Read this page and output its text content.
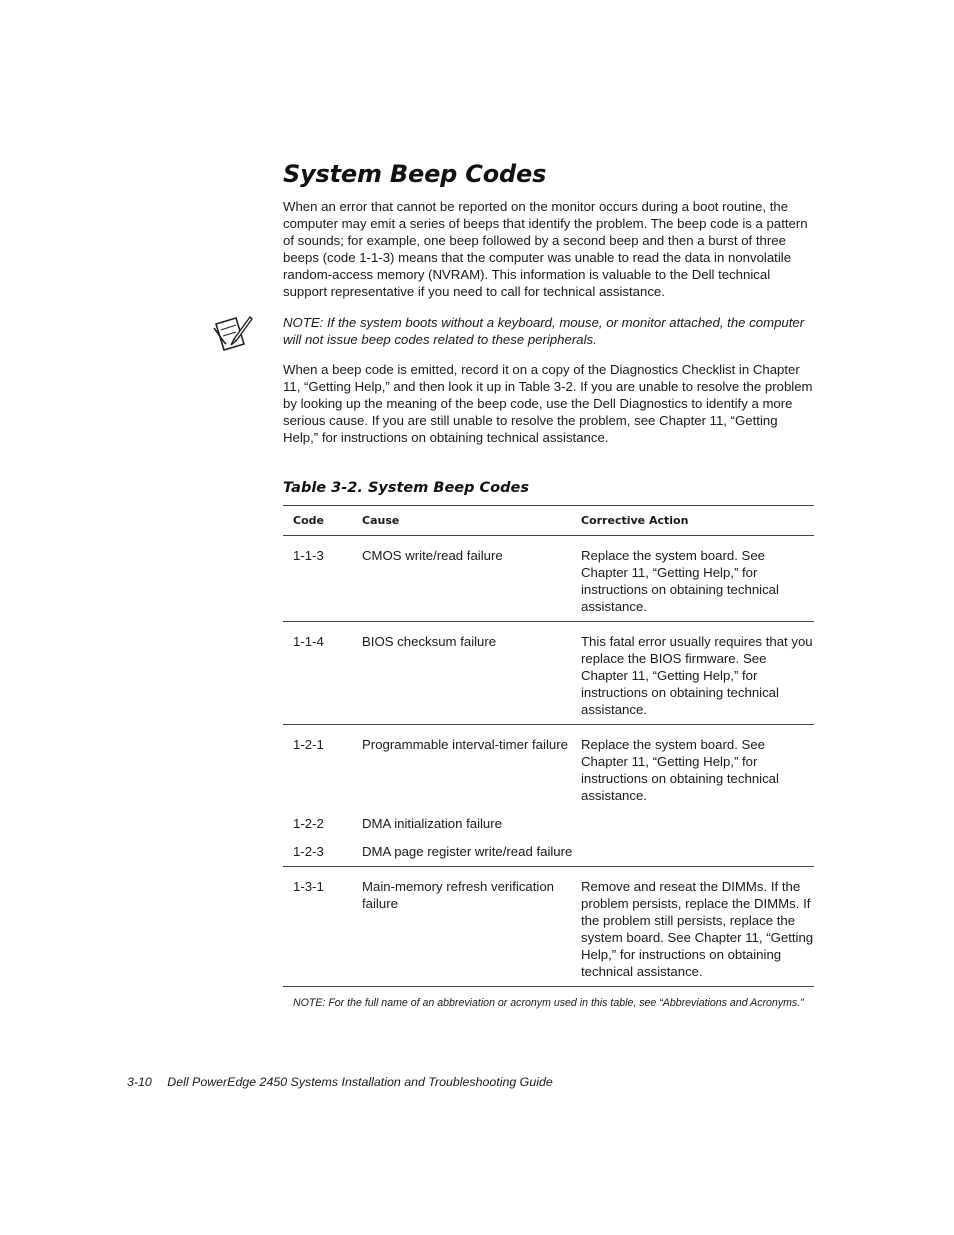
System Beep Codes
When an error that cannot be reported on the monitor occurs during a boot routine, the computer may emit a series of beeps that identify the problem. The beep code is a pattern of sounds; for example, one beep followed by a second beep and then a burst of three beeps (code 1-1-3) means that the computer was unable to read the data in nonvolatile random-access memory (NVRAM). This information is valuable to the Dell technical support representative if you need to call for technical assistance.
NOTE: If the system boots without a keyboard, mouse, or monitor attached, the computer will not issue beep codes related to these peripherals.
When a beep code is emitted, record it on a copy of the Diagnostics Checklist in Chapter 11, “Getting Help,” and then look it up in Table 3-2. If you are unable to resolve the problem by looking up the meaning of the beep code, use the Dell Diagnostics to identify a more serious cause. If you are still unable to resolve the problem, see Chapter 11, “Getting Help,” for instructions on obtaining technical assistance.
Table 3-2. System Beep Codes
Code	Cause	Corrective Action
1-1-3	CMOS write/read failure	Replace the system board. See Chapter 11, “Getting Help,” for instructions on obtaining technical assistance.
1-1-4	BIOS checksum failure	This fatal error usually requires that you replace the BIOS firmware. See Chapter 11, “Getting Help,” for instructions on obtaining technical assistance.
1-2-1	Programmable interval-timer failure	Replace the system board. See Chapter 11, “Getting Help,” for instructions on obtaining technical assistance.
1-2-2	DMA initialization failure	
1-2-3	DMA page register write/read failure	
1-3-1	Main-memory refresh verification failure	Remove and reseat the DIMMs. If the problem persists, replace the DIMMs. If the problem still persists, replace the system board. See Chapter 11, “Getting Help,” for instructions on obtaining technical assistance.
NOTE: For the full name of an abbreviation or acronym used in this table, see “Abbreviations and Acronyms.”
3-10 Dell PowerEdge 2450 Systems Installation and Troubleshooting Guide
